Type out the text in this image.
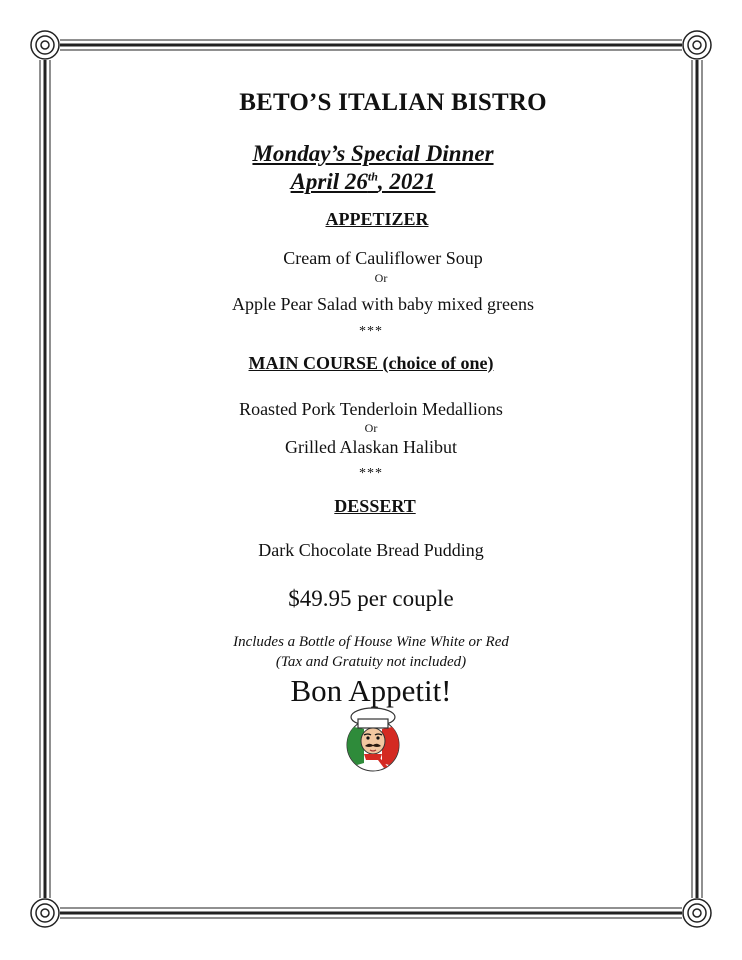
BETO’S ITALIAN BISTRO

Monday’s Special Dinner
April 26th, 2021

APPETIZER

Cream of Cauliflower Soup

Or

Apple Pear Salad with baby mixed greens

***

MAIN COURSE (choice of one)

Roasted Pork Tenderloin Medallions

Or

Grilled Alaskan Halibut

***

DESSERT

Dark Chocolate Bread Pudding

$49.95 per couple

Includes a Bottle of House Wine White or Red

(Tax and Gratuity not included)

Bon Appetit!
